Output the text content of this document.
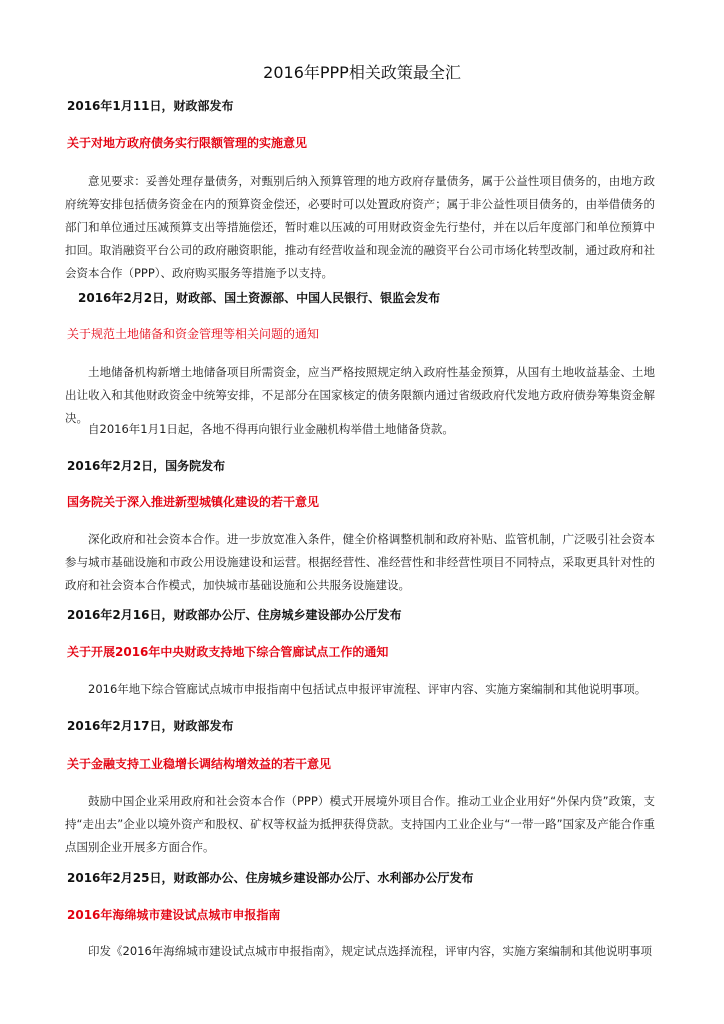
2016年PPP相关政策最全汇

2016年1月11日，财政部发布

关于对地方政府债务实行限额管理的实施意见

意见要求：妥善处理存量债务，对甄别后纳入预算管理的地方政府存量债务，属于公益性项目债务的，由地方政府统筹安排包括债务资金在内的预算资金偿还，必要时可以处置政府资产；属于非公益性项目债务的，由举借债务的部门和单位通过压减预算支出等措施偿还，暂时难以压减的可用财政资金先行垫付，并在以后年度部门和单位预算中扣回。取消融资平台公司的政府融资职能，推动有经营收益和现金流的融资平台公司市场化转型改制，通过政府和社会资本合作（PPP）、政府购买服务等措施予以支持。

2016年2月2日，财政部、国土资源部、中国人民银行、银监会发布

关于规范土地储备和资金管理等相关问题的通知

土地储备机构新增土地储备项目所需资金，应当严格按照规定纳入政府性基金预算，从国有土地收益基金、土地出让收入和其他财政资金中统筹安排，不足部分在国家核定的债务限额内通过省级政府代发地方政府债券筹集资金解决。

自2016年1月1日起，各地不得再向银行业金融机构举借土地储备贷款。

2016年2月2日，国务院发布

国务院关于深入推进新型城镇化建设的若干意见

深化政府和社会资本合作。进一步放宽准入条件，健全价格调整机制和政府补贴、监管机制，广泛吸引社会资本参与城市基础设施和市政公用设施建设和运营。根据经营性、准经营性和非经营性项目不同特点，采取更具针对性的政府和社会资本合作模式，加快城市基础设施和公共服务设施建设。

2016年2月16日，财政部办公厅、住房城乡建设部办公厅发布

关于开展2016年中央财政支持地下综合管廊试点工作的通知

2016年地下综合管廊试点城市申报指南中包括试点申报评审流程、评审内容、实施方案编制和其他说明事项。

2016年2月17日，财政部发布

关于金融支持工业稳增长调结构增效益的若干意见

鼓励中国企业采用政府和社会资本合作（PPP）模式开展境外项目合作。推动工业企业用好“外保内贷”政策，支持“走出去”企业以境外资产和股权、矿权等权益为抵押获得贷款。支持国内工业企业与“一带一路”国家及产能合作重点国别企业开展多方面合作。

2016年2月25日，财政部办公、住房城乡建设部办公厅、水利部办公厅发布

2016年海绵城市建设试点城市申报指南

印发《2016年海绵城市建设试点城市申报指南》，规定试点选择流程，评审内容，实施方案编制和其他说明事项
